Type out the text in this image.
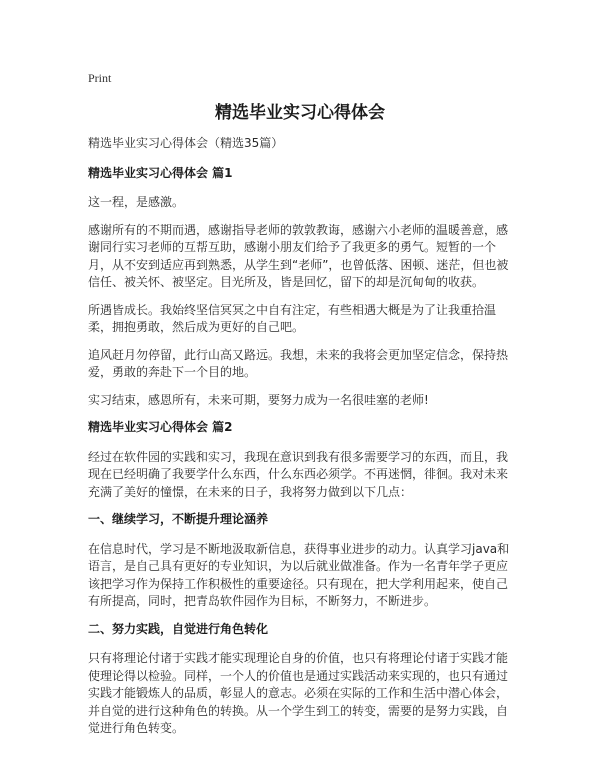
Print
精选毕业实习心得体会

精选毕业实习心得体会（精选35篇）

精选毕业实习心得体会 篇1

这一程，是感激。

感谢所有的不期而遇，感谢指导老师的敦敦教诲，感谢六小老师的温暖善意，感谢同行实习老师的互帮互助，感谢小朋友们给予了我更多的勇气。短暂的一个月，从不安到适应再到熟悉，从学生到“老师”，也曾低落、困顿、迷茫，但也被信任、被关怀、被坚定。目光所及，皆是回忆，留下的却是沉甸甸的收获。

所遇皆成长。我始终坚信冥冥之中自有注定，有些相遇大概是为了让我重拾温柔，拥抱勇敢，然后成为更好的自己吧。

追风赶月勿停留，此行山高又路远。我想，未来的我将会更加坚定信念，保持热爱，勇敢的奔赴下一个目的地。

实习结束，感恩所有，未来可期，要努力成为一名很哇塞的老师!

精选毕业实习心得体会 篇2

经过在软件园的实践和实习，我现在意识到我有很多需要学习的东西，而且，我现在已经明确了我要学什么东西，什么东西必须学。不再迷惘，徘徊。我对未来充满了美好的憧憬，在未来的日子，我将努力做到以下几点：

一、继续学习，不断提升理论涵养

在信息时代，学习是不断地汲取新信息，获得事业进步的动力。认真学习java和语言，是自己具有更好的专业知识，为以后就业做准备。作为一名青年学子更应该把学习作为保持工作积极性的重要途径。只有现在，把大学利用起来，使自己有所提高，同时，把青岛软件园作为目标，不断努力，不断进步。

二、努力实践，自觉进行角色转化

只有将理论付诸于实践才能实现理论自身的价值，也只有将理论付诸于实践才能使理论得以检验。同样，一个人的价值也是通过实践活动来实现的，也只有通过实践才能锻炼人的品质，彰显人的意志。必须在实际的工作和生活中潜心体会，并自觉的进行这种角色的转换。从一个学生到工的转变，需要的是努力实践，自觉进行角色转变。
